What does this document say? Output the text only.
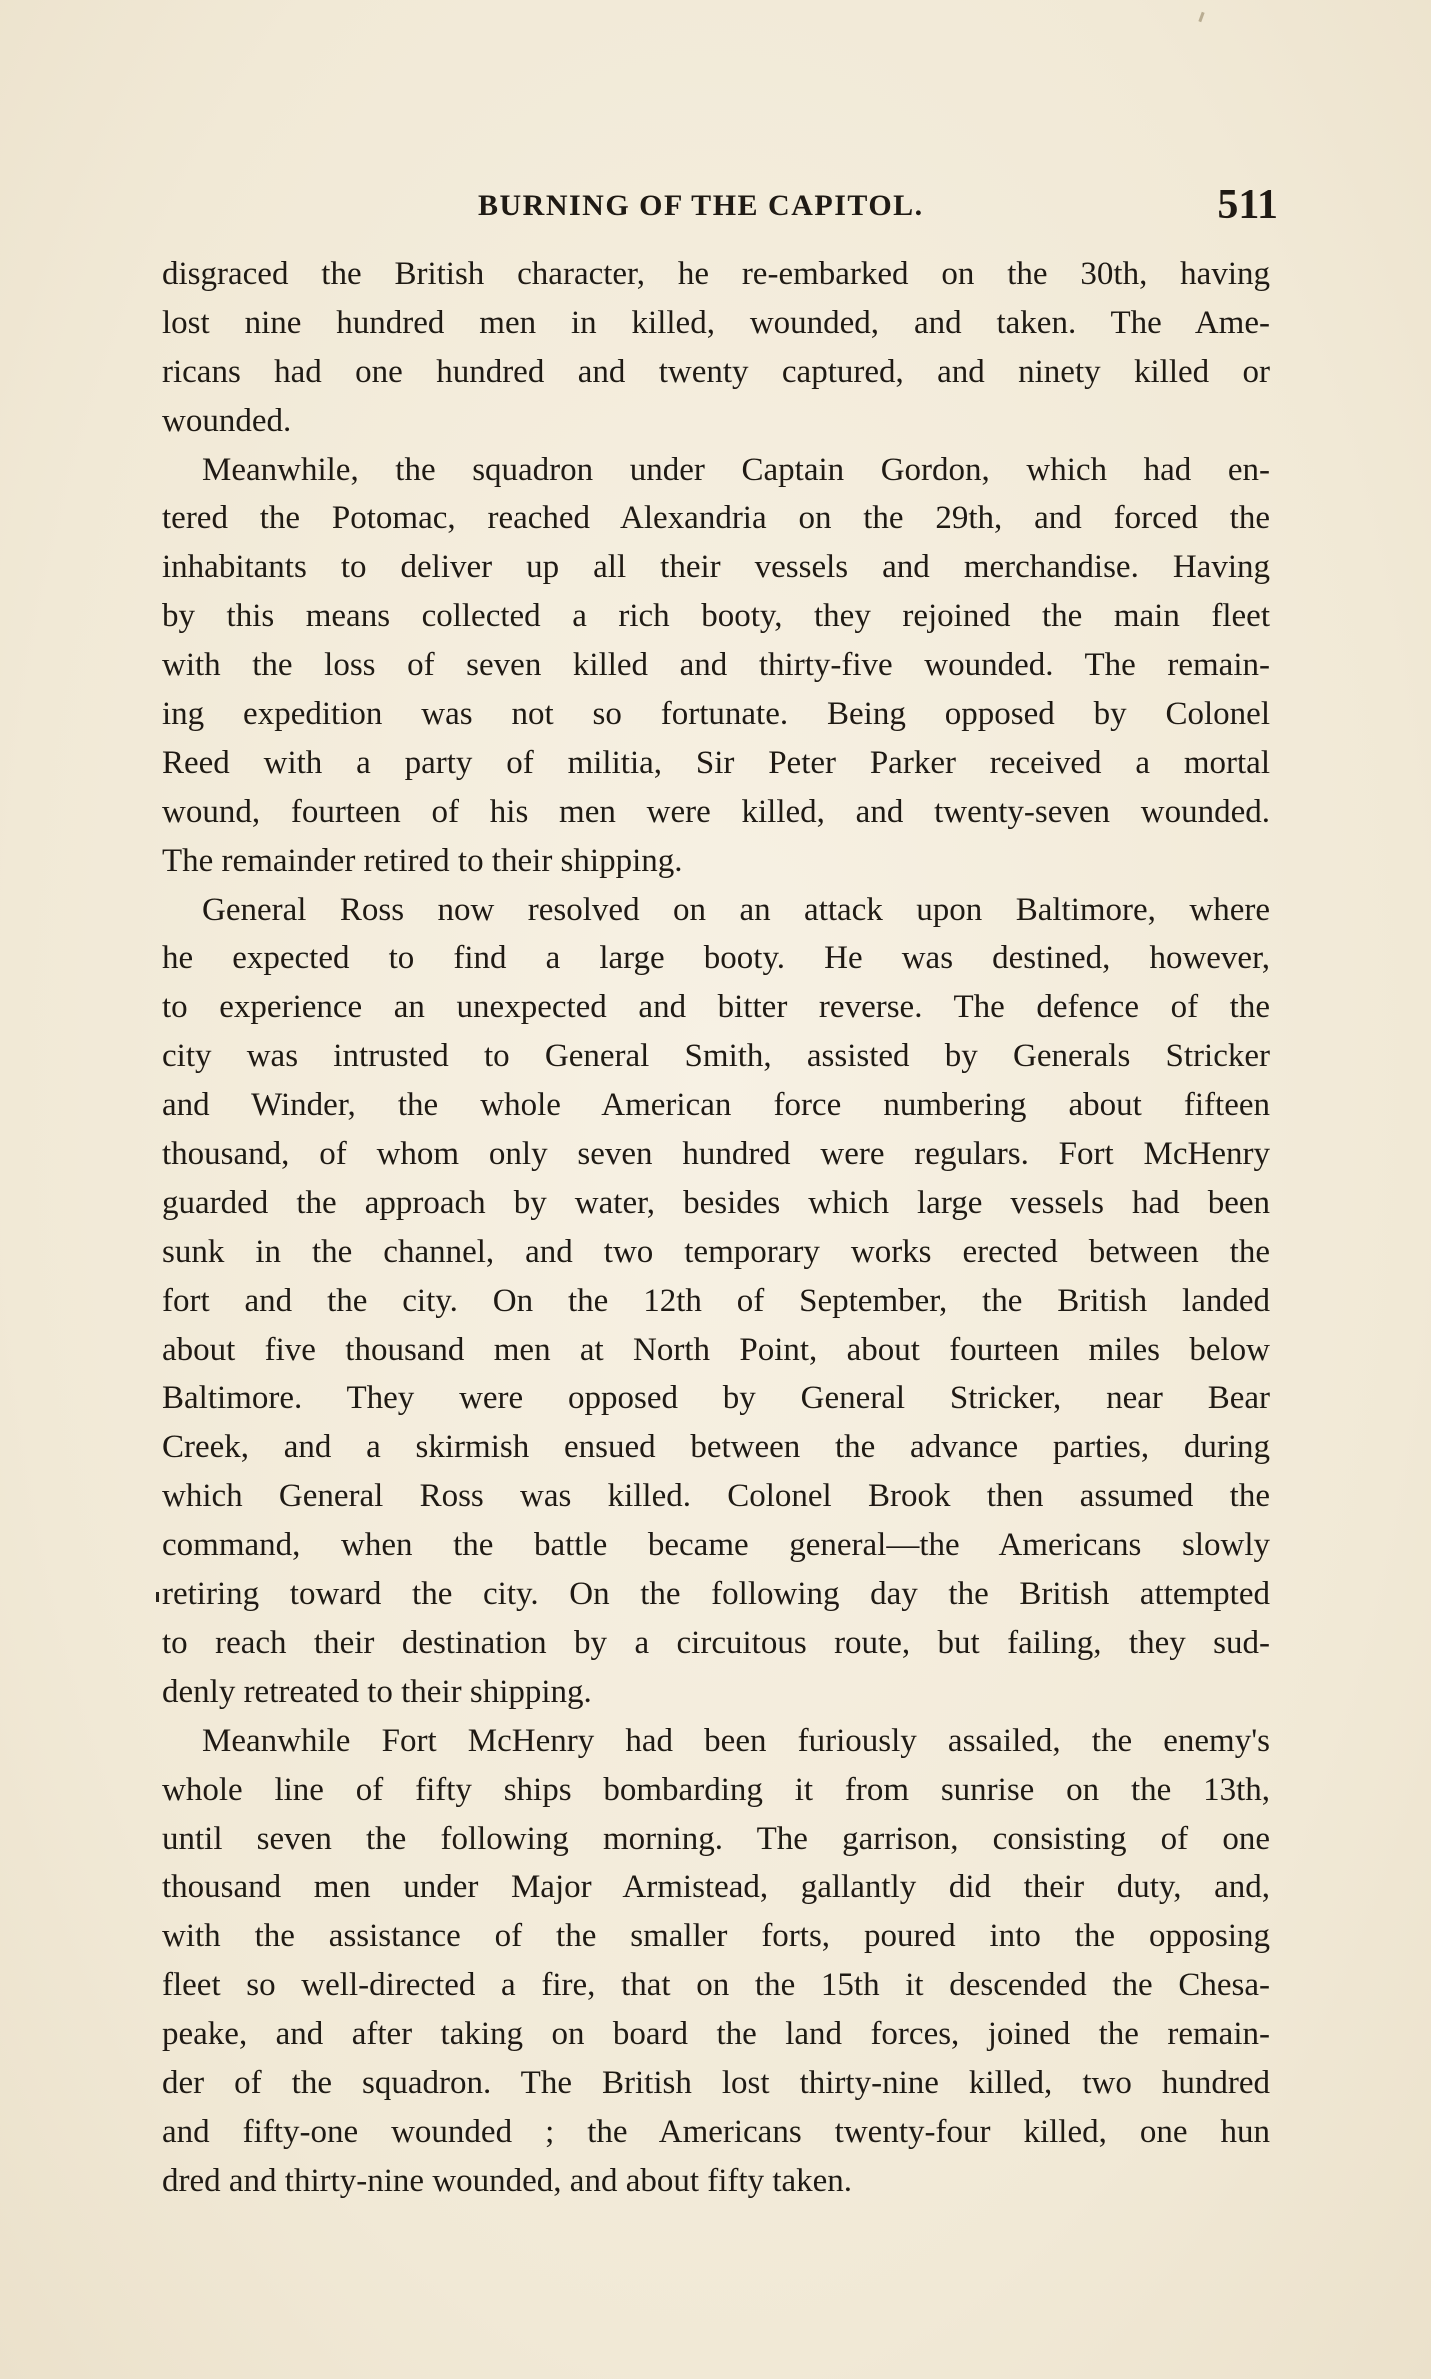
BURNING OF THE CAPITOL.	511
disgraced the British character, he re-embarked on the 30th, having
lost nine hundred men in killed, wounded, and taken. The Ame-
ricans had one hundred and twenty captured, and ninety killed or
wounded.
Meanwhile, the squadron under Captain Gordon, which had en-
tered the Potomac, reached Alexandria on the 29th, and forced the
inhabitants to deliver up all their vessels and merchandise. Having
by this means collected a rich booty, they rejoined the main fleet
with the loss of seven killed and thirty-five wounded. The remain-
ing expedition was not so fortunate. Being opposed by Colonel
Reed with a party of militia, Sir Peter Parker received a mortal
wound, fourteen of his men were killed, and twenty-seven wounded.
The remainder retired to their shipping.
General Ross now resolved on an attack upon Baltimore, where
he expected to find a large booty. He was destined, however,
to experience an unexpected and bitter reverse. The defence of the
city was intrusted to General Smith, assisted by Generals Stricker
and Winder, the whole American force numbering about fifteen
thousand, of whom only seven hundred were regulars. Fort McHenry
guarded the approach by water, besides which large vessels had been
sunk in the channel, and two temporary works erected between the
fort and the city. On the 12th of September, the British landed
about five thousand men at North Point, about fourteen miles below
Baltimore. They were opposed by General Stricker, near Bear
Creek, and a skirmish ensued between the advance parties, during
which General Ross was killed. Colonel Brook then assumed the
command, when the battle became general—the Americans slowly
retiring toward the city. On the following day the British attempted
to reach their destination by a circuitous route, but failing, they sud-
denly retreated to their shipping.
Meanwhile Fort McHenry had been furiously assailed, the enemy's
whole line of fifty ships bombarding it from sunrise on the 13th,
until seven the following morning. The garrison, consisting of one
thousand men under Major Armistead, gallantly did their duty, and,
with the assistance of the smaller forts, poured into the opposing
fleet so well-directed a fire, that on the 15th it descended the Chesa-
peake, and after taking on board the land forces, joined the remain-
der of the squadron. The British lost thirty-nine killed, two hundred
and fifty-one wounded ; the Americans twenty-four killed, one hun
dred and thirty-nine wounded, and about fifty taken.
